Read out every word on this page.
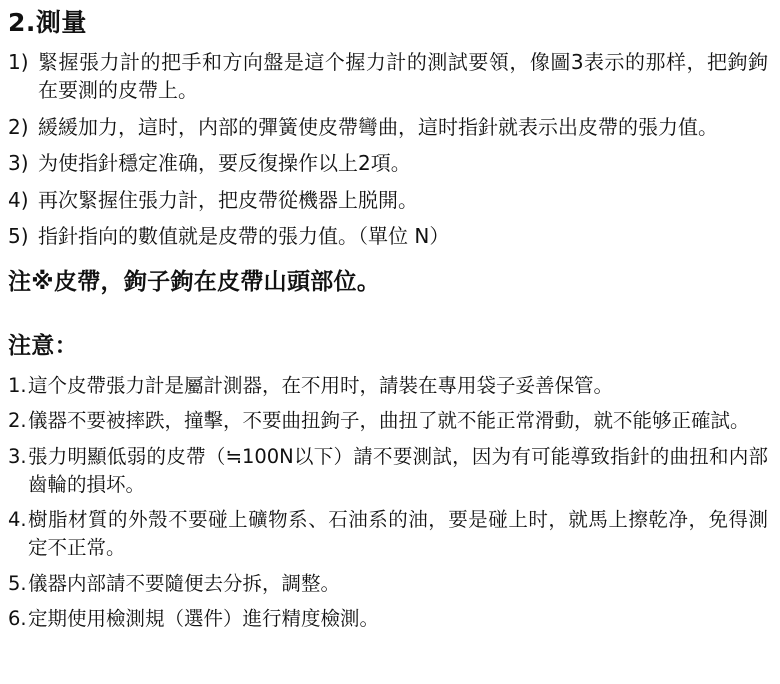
2.測量
1) 緊握張力計的把手和方向盤是這个握力計的測試要領，像圖3表示的那样，把鉤鉤在要測的皮帶上。
2) 緩緩加力，這时，内部的彈簧使皮帶彎曲，這时指針就表示出皮帶的張力值。
3) 为使指針穩定准确，要反復操作以上2項。
4) 再次緊握住張力計，把皮帶從機器上脱開。
5) 指針指向的數值就是皮帶的張力值。（單位 N）
注※皮帶，鉤子鉤在皮帶山頭部位。
注意：
1. 這个皮帶張力計是屬計測器，在不用时，請裝在專用袋子妥善保管。
2. 儀器不要被摔跌，撞擊，不要曲扭鉤子，曲扭了就不能正常滑動，就不能够正確試。
3. 張力明顯低弱的皮帶（≒100N以下）請不要測試，因为有可能導致指針的曲扭和内部齒輪的損坏。
4. 樹脂材質的外殼不要碰上礦物系、石油系的油，要是碰上时，就馬上擦乾净，免得測定不正常。
5. 儀器内部請不要隨便去分拆，調整。
6. 定期使用檢測規（選件）進行精度檢測。
